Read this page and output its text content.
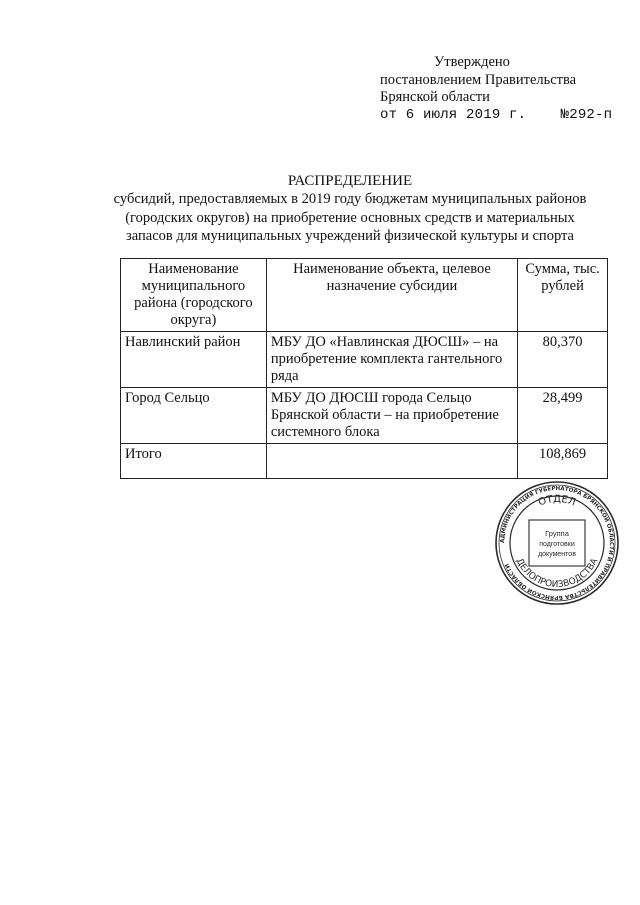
Утверждено
постановлением Правительства
Брянской области
от 6 июля 2019 г.    №292-п
РАСПРЕДЕЛЕНИЕ
субсидий, предоставляемых в 2019 году бюджетам муниципальных районов
(городских округов) на приобретение основных средств и материальных
запасов для муниципальных учреждений физической культуры и спорта
Наименование муниципального района (городского округа)	Наименование объекта, целевое назначение субсидии	Сумма, тыс. рублей
Навлинский район	МБУ ДО «Навлинская ДЮСШ» – на приобретение комплекта гантельного ряда	80,370
Город Сельцо	МБУ ДО ДЮСШ города Сельцо Брянской области – на приобретение системного блока	28,499
Итого		108,869
АДМИНИСТРАЦИЯ ГУБЕРНАТОРА БРЯНСКОЙ ОБЛАСТИ И ПРАВИТЕЛЬСТВА БРЯНСКОЙ ОБЛАСТИ
ОТДЕЛ
ДЕЛОПРОИЗВОДСТВА
Группа
подготовки
документов
